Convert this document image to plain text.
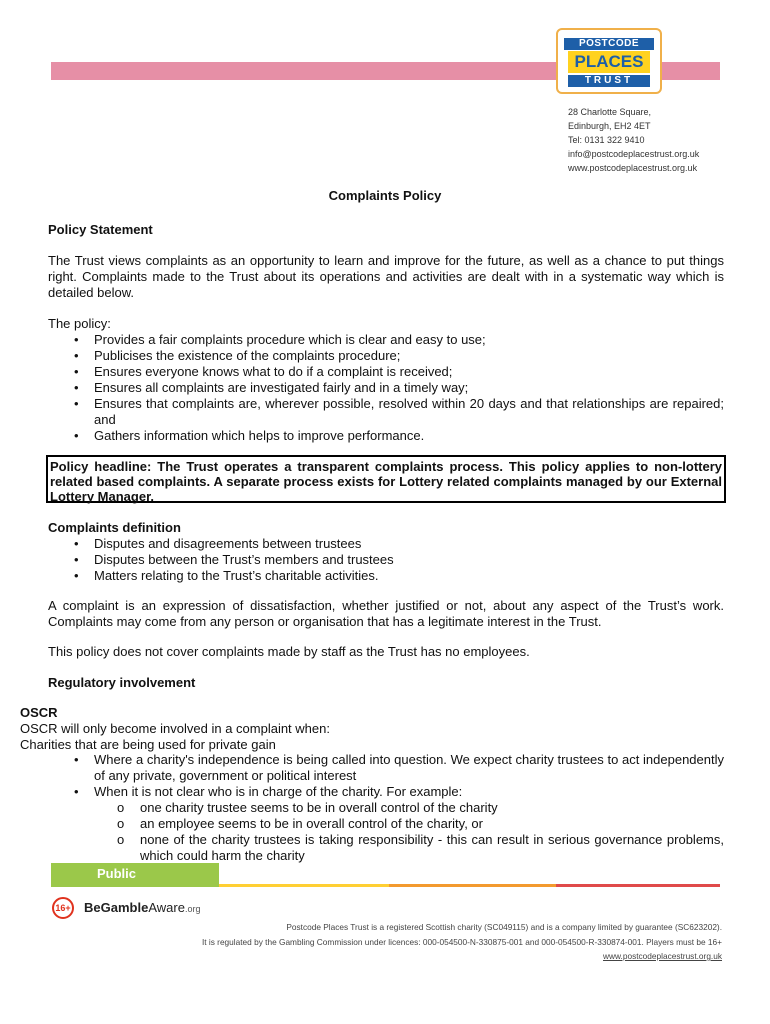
POSTCODE
PLACES
TRUST
28 Charlotte Square,
Edinburgh, EH2 4ET
Tel: 0131 322 9410
info@postcodeplacestrust.org.uk
www.postcodeplacestrust.org.uk
Complaints Policy
Policy Statement
The Trust views complaints as an opportunity to learn and improve for the future, as well as a chance to put things right. Complaints made to the Trust about its operations and activities are dealt with in a systematic way which is detailed below.
The policy:
• Provides a fair complaints procedure which is clear and easy to use;
• Publicises the existence of the complaints procedure;
• Ensures everyone knows what to do if a complaint is received;
• Ensures all complaints are investigated fairly and in a timely way;
• Ensures that complaints are, wherever possible, resolved within 20 days and that relationships are repaired; and
• Gathers information which helps to improve performance.
Policy headline: The Trust operates a transparent complaints process. This policy applies to non-lottery related based complaints. A separate process exists for Lottery related complaints managed by our External Lottery Manager.
Complaints definition
• Disputes and disagreements between trustees
• Disputes between the Trust’s members and trustees
• Matters relating to the Trust’s charitable activities.
A complaint is an expression of dissatisfaction, whether justified or not, about any aspect of the Trust’s work. Complaints may come from any person or organisation that has a legitimate interest in the Trust.
This policy does not cover complaints made by staff as the Trust has no employees.
Regulatory involvement
OSCR
OSCR will only become involved in a complaint when:
Charities that are being used for private gain
• Where a charity's independence is being called into question. We expect charity trustees to act independently of any private, government or political interest
• When it is not clear who is in charge of the charity. For example:
o one charity trustee seems to be in overall control of the charity
o an employee seems to be in overall control of the charity, or
o none of the charity trustees is taking responsibility - this can result in serious governance problems, which could harm the charity
Public
16+ BeGambleAware.org
Postcode Places Trust is a registered Scottish charity (SC049115) and is a company limited by guarantee (SC623202).
It is regulated by the Gambling Commission under licences: 000-054500-N-330875-001 and 000-054500-R-330874-001. Players must be 16+
www.postcodeplacestrust.org.uk
